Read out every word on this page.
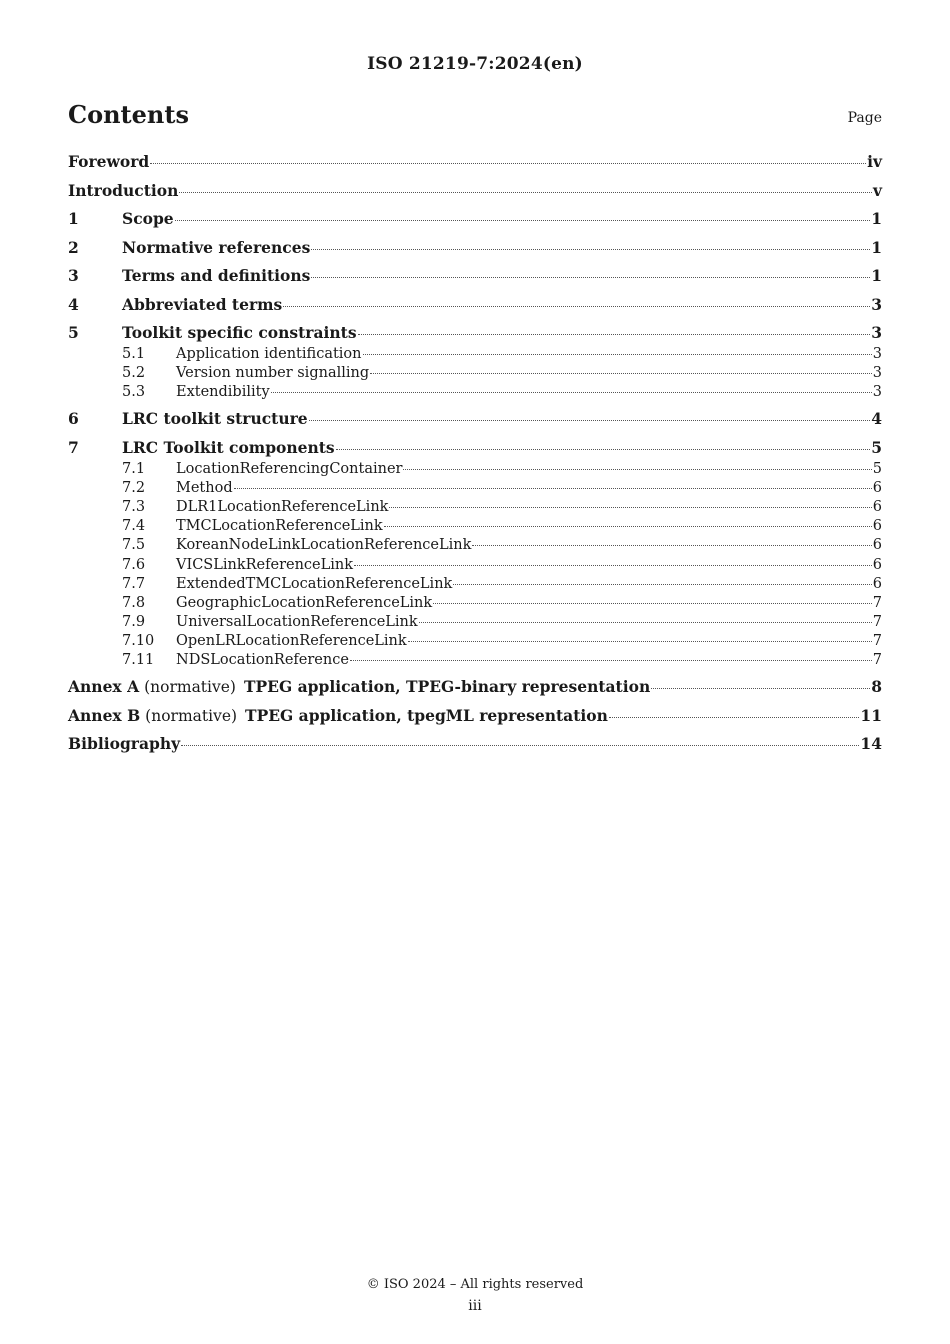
ISO 21219-7:2024(en)
Contents	Page
Foreword	iv
Introduction	v
1	Scope	1
2	Normative references	1
3	Terms and definitions	1
4	Abbreviated terms	3
5	Toolkit specific constraints	3
5.1	Application identification	3
5.2	Version number signalling	3
5.3	Extendibility	3
6	LRC toolkit structure	4
7	LRC Toolkit components	5
7.1	LocationReferencingContainer	5
7.2	Method	6
7.3	DLR1LocationReferenceLink	6
7.4	TMCLocationReferenceLink	6
7.5	KoreanNodeLinkLocationReferenceLink	6
7.6	VICSLinkReferenceLink	6
7.7	ExtendedTMCLocationReferenceLink	6
7.8	GeographicLocationReferenceLink	7
7.9	UniversalLocationReferenceLink	7
7.10	OpenLRLocationReferenceLink	7
7.11	NDSLocationReference	7
Annex A (normative) TPEG application, TPEG-binary representation	8
Annex B (normative) TPEG application, tpegML representation	11
Bibliography	14
© ISO 2024 – All rights reserved
iii
